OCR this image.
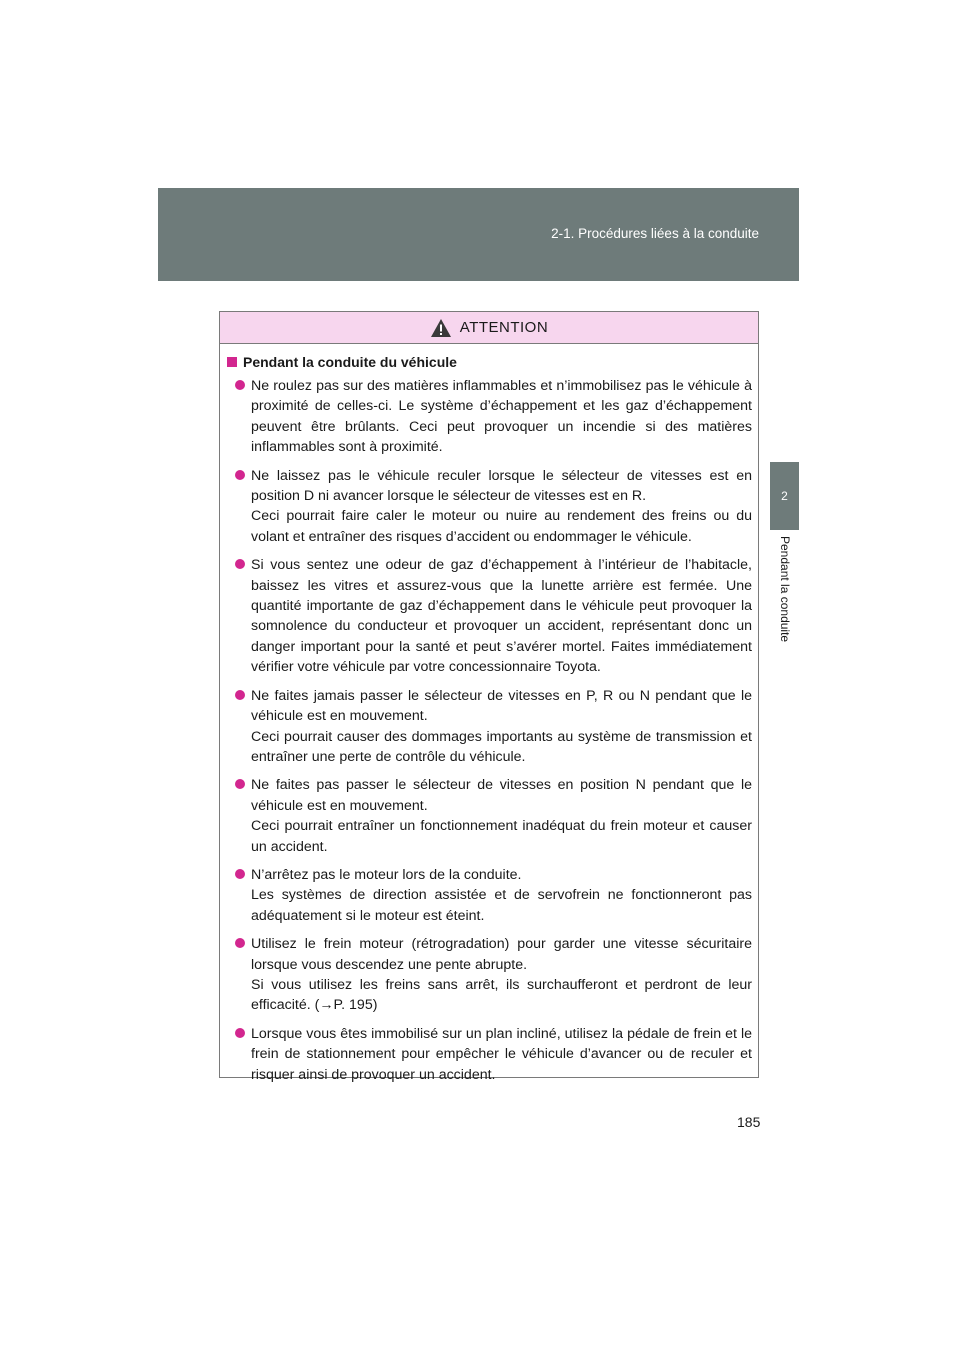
2-1. Procédures liées à la conduite
2
Pendant la conduite
ATTENTION
Pendant la conduite du véhicule

Ne roulez pas sur des matières inflammables et n’immobilisez pas le véhicule à proximité de celles-ci. Le système d’échappement et les gaz d’échappement peuvent être brûlants. Ceci peut provoquer un incendie si des matières inflammables sont à proximité.

Ne laissez pas le véhicule reculer lorsque le sélecteur de vitesses est en position D ni avancer lorsque le sélecteur de vitesses est en R.

Ceci pourrait faire caler le moteur ou nuire au rendement des freins ou du volant et entraîner des risques d’accident ou endommager le véhicule.

Si vous sentez une odeur de gaz d’échappement à l’intérieur de l’habitacle, baissez les vitres et assurez-vous que la lunette arrière est fermée. Une quantité importante de gaz d’échappement dans le véhicule peut provoquer la somnolence du conducteur et provoquer un accident, représentant donc un danger important pour la santé et peut s’avérer mortel. Faites immédiatement vérifier votre véhicule par votre concessionnaire Toyota.

Ne faites jamais passer le sélecteur de vitesses en P, R ou N pendant que le véhicule est en mouvement.

Ceci pourrait causer des dommages importants au système de transmission et entraîner une perte de contrôle du véhicule.

Ne faites pas passer le sélecteur de vitesses en position N pendant que le véhicule est en mouvement.

Ceci pourrait entraîner un fonctionnement inadéquat du frein moteur et causer un accident.

N’arrêtez pas le moteur lors de la conduite.

Les systèmes de direction assistée et de servofrein ne fonctionneront pas adéquatement si le moteur est éteint.

Utilisez le frein moteur (rétrogradation) pour garder une vitesse sécuritaire lorsque vous descendez une pente abrupte.

Si vous utilisez les freins sans arrêt, ils surchaufferont et perdront de leur efficacité. (→P. 195)

Lorsque vous êtes immobilisé sur un plan incliné, utilisez la pédale de frein et le frein de stationnement pour empêcher le véhicule d’avancer ou de reculer et risquer ainsi de provoquer un accident.

185
